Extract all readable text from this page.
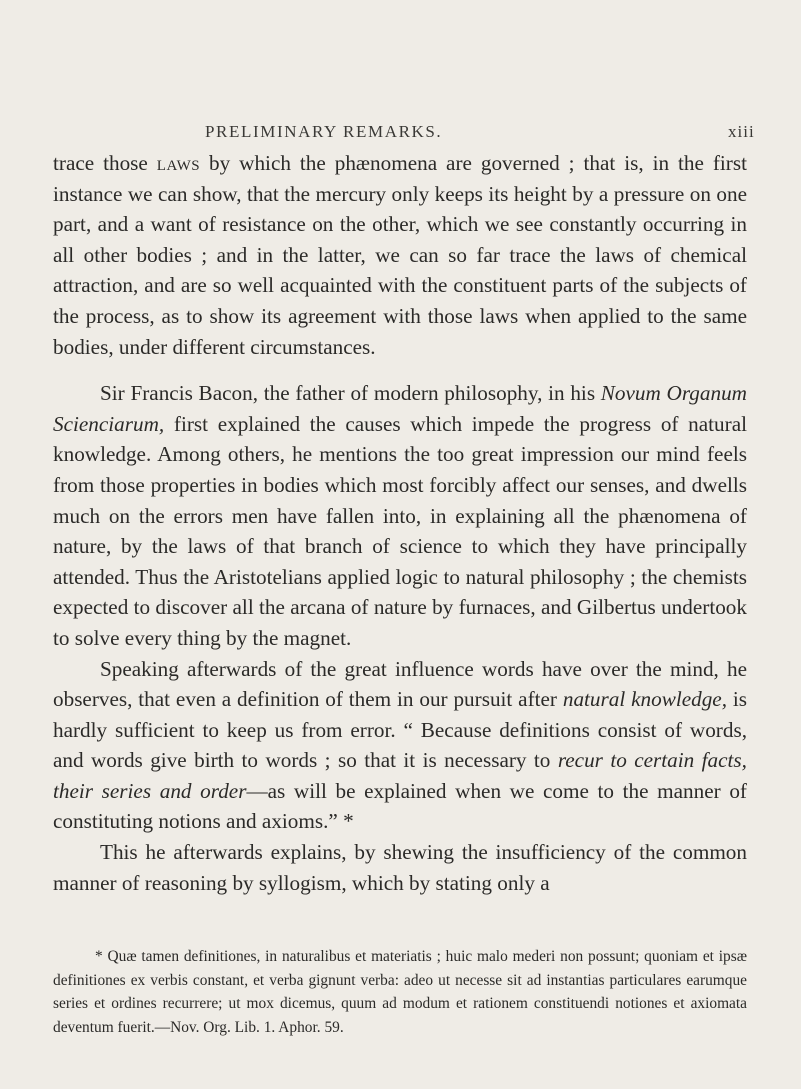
PRELIMINARY REMARKS.	xiii

trace those laws by which the phænomena are governed ; that is, in the first instance we can show, that the mercury only keeps its height by a pressure on one part, and a want of resistance on the other, which we see constantly occurring in all other bodies ; and in the latter, we can so far trace the laws of chemical attraction, and are so well acquainted with the constituent parts of the subjects of the process, as to show its agreement with those laws when applied to the same bodies, under different circumstances.

Sir Francis Bacon, the father of modern philosophy, in his Novum Organum Scienciarum, first explained the causes which impede the progress of natural knowledge. Among others, he mentions the too great impression our mind feels from those properties in bodies which most forcibly affect our senses, and dwells much on the errors men have fallen into, in explaining all the phænomena of nature, by the laws of that branch of science to which they have principally attended. Thus the Aristotelians applied logic to natural philosophy ; the chemists expected to discover all the arcana of nature by furnaces, and Gilbertus undertook to solve every thing by the magnet.

Speaking afterwards of the great influence words have over the mind, he observes, that even a definition of them in our pursuit after natural knowledge, is hardly sufficient to keep us from error. “ Because definitions consist of words, and words give birth to words ; so that it is necessary to recur to certain facts, their series and order—as will be explained when we come to the manner of constituting notions and axioms.” *

This he afterwards explains, by shewing the insufficiency of the common manner of reasoning by syllogism, which by stating only a

* Quæ tamen definitiones, in naturalibus et materiatis ; huic malo mederi non possunt; quoniam et ipsæ definitiones ex verbis constant, et verba gignunt verba: adeo ut necesse sit ad instantias particulares earumque series et ordines recurrere; ut mox dicemus, quum ad modum et rationem constituendi notiones et axiomata deventum fuerit.—Nov. Org. Lib. 1. Aphor. 59.
